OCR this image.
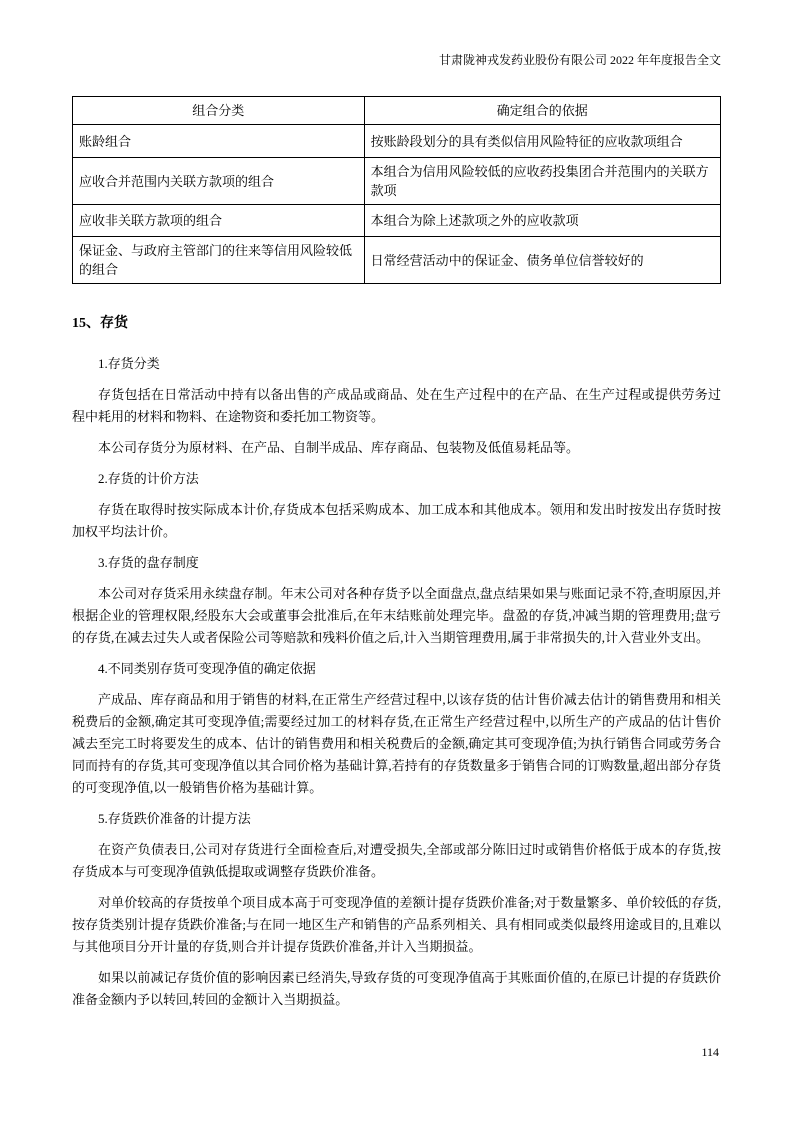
甘肃陇神戎发药业股份有限公司 2022 年年度报告全文
组合分类	确定组合的依据
账龄组合	按账龄段划分的具有类似信用风险特征的应收款项组合
应收合并范围内关联方款项的组合	本组合为信用风险较低的应收药投集团合并范围内的关联方款项
应收非关联方款项的组合	本组合为除上述款项之外的应收款项
保证金、与政府主管部门的往来等信用风险较低的组合	日常经营活动中的保证金、债务单位信誉较好的
15、存货

1.存货分类

存货包括在日常活动中持有以备出售的产成品或商品、处在生产过程中的在产品、在生产过程或提供劳务过程中耗用的材料和物料、在途物资和委托加工物资等。

本公司存货分为原材料、在产品、自制半成品、库存商品、包装物及低值易耗品等。

2.存货的计价方法

存货在取得时按实际成本计价,存货成本包括采购成本、加工成本和其他成本。领用和发出时按发出存货时按加权平均法计价。

3.存货的盘存制度

本公司对存货采用永续盘存制。年末公司对各种存货予以全面盘点,盘点结果如果与账面记录不符,查明原因,并根据企业的管理权限,经股东大会或董事会批准后,在年末结账前处理完毕。盘盈的存货,冲减当期的管理费用;盘亏的存货,在减去过失人或者保险公司等赔款和残料价值之后,计入当期管理费用,属于非常损失的,计入营业外支出。

4.不同类别存货可变现净值的确定依据

产成品、库存商品和用于销售的材料,在正常生产经营过程中,以该存货的估计售价减去估计的销售费用和相关税费后的金额,确定其可变现净值;需要经过加工的材料存货,在正常生产经营过程中,以所生产的产成品的估计售价减去至完工时将要发生的成本、估计的销售费用和相关税费后的金额,确定其可变现净值;为执行销售合同或劳务合同而持有的存货,其可变现净值以其合同价格为基础计算,若持有的存货数量多于销售合同的订购数量,超出部分存货的可变现净值,以一般销售价格为基础计算。

5.存货跌价准备的计提方法

在资产负债表日,公司对存货进行全面检查后,对遭受损失,全部或部分陈旧过时或销售价格低于成本的存货,按存货成本与可变现净值孰低提取或调整存货跌价准备。

对单价较高的存货按单个项目成本高于可变现净值的差额计提存货跌价准备;对于数量繁多、单价较低的存货,按存货类别计提存货跌价准备;与在同一地区生产和销售的产品系列相关、具有相同或类似最终用途或目的,且难以与其他项目分开计量的存货,则合并计提存货跌价准备,并计入当期损益。

如果以前减记存货价值的影响因素已经消失,导致存货的可变现净值高于其账面价值的,在原已计提的存货跌价准备金额内予以转回,转回的金额计入当期损益。

114
